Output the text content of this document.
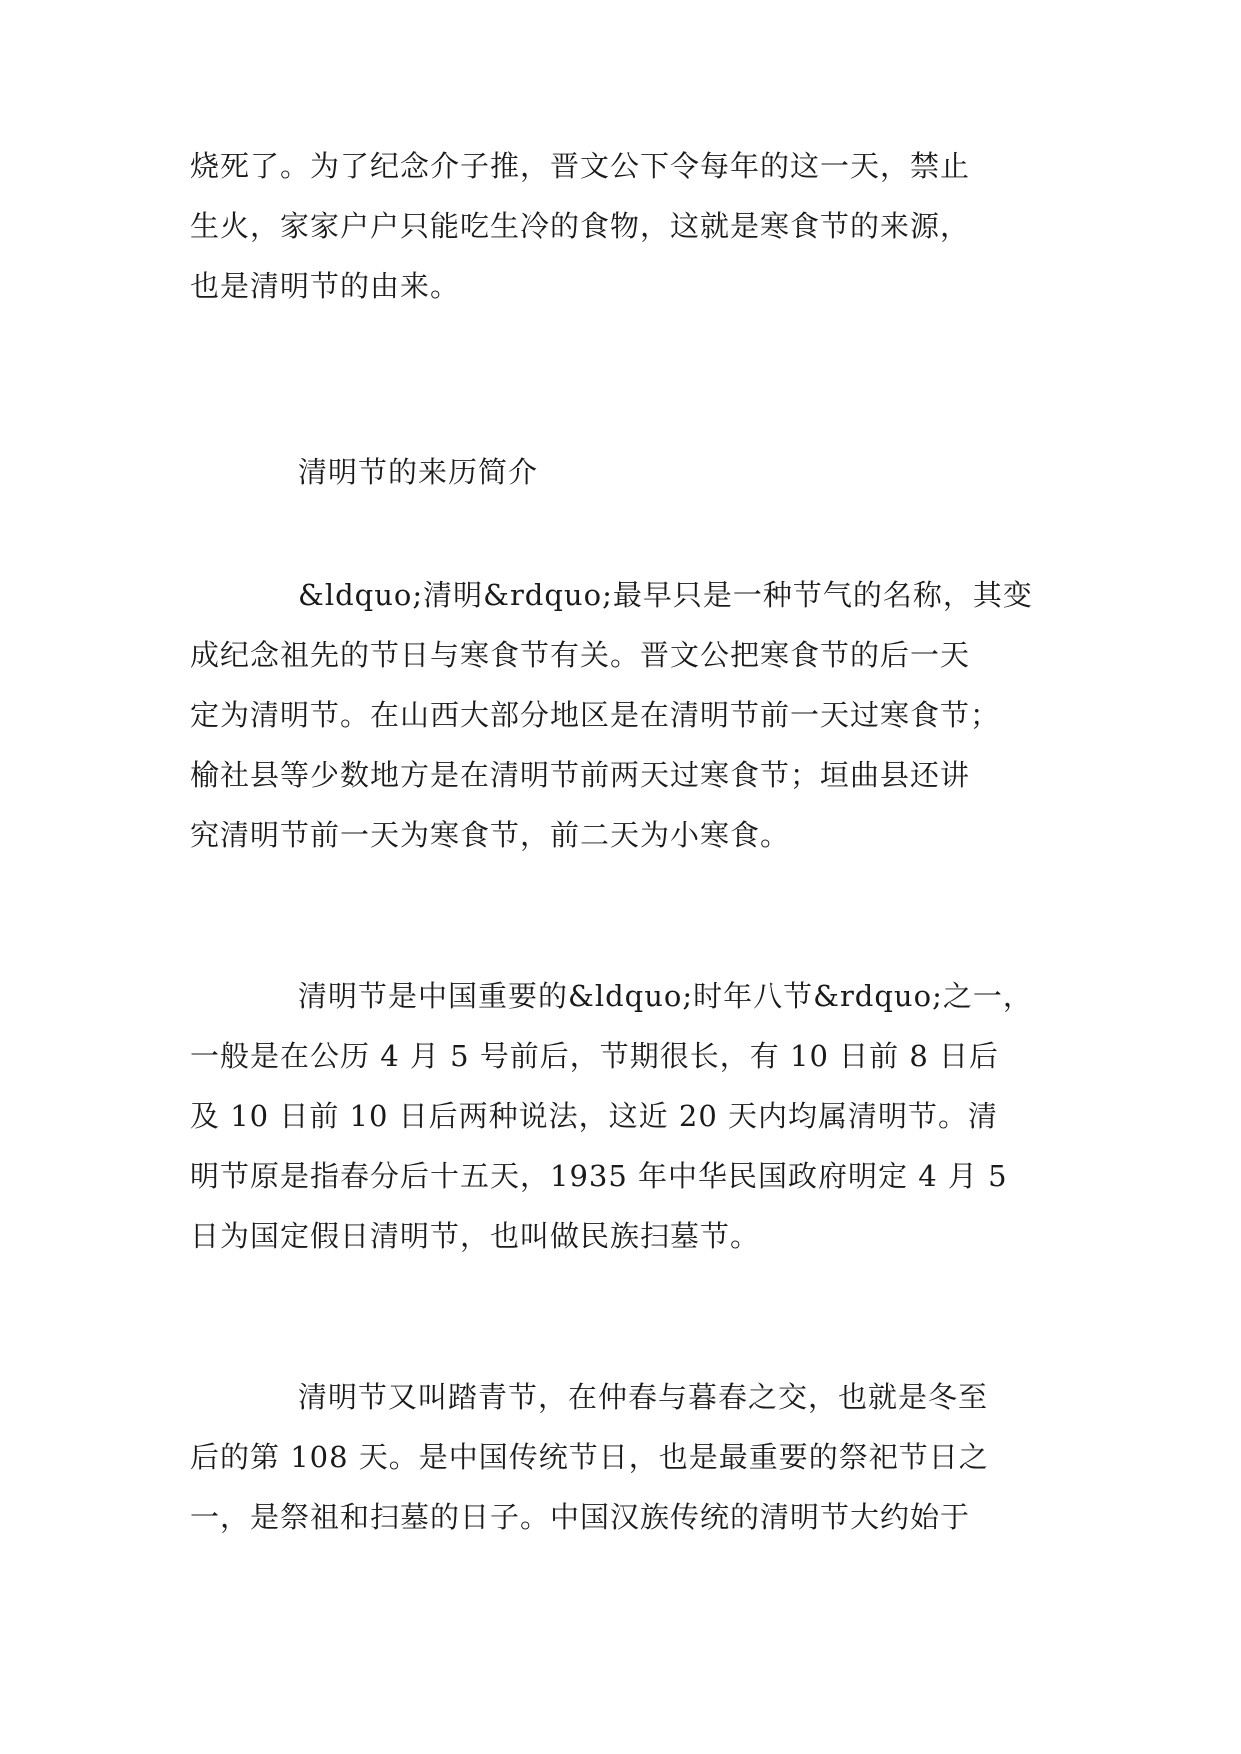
烧死了。为了纪念介子推，晋文公下令每年的这一天，禁止
生火，家家户户只能吃生冷的食物，这就是寒食节的来源，
也是清明节的由来。
清明节的来历简介
&ldquo;清明&rdquo;最早只是一种节气的名称，其变
成纪念祖先的节日与寒食节有关。晋文公把寒食节的后一天
定为清明节。在山西大部分地区是在清明节前一天过寒食节；
榆社县等少数地方是在清明节前两天过寒食节；垣曲县还讲
究清明节前一天为寒食节，前二天为小寒食。
清明节是中国重要的&ldquo;时年八节&rdquo;之一，
一般是在公历 4 月 5 号前后，节期很长，有 10 日前 8 日后
及 10 日前 10 日后两种说法，这近 20 天内均属清明节。清
明节原是指春分后十五天，1935 年中华民国政府明定 4 月 5
日为国定假日清明节，也叫做民族扫墓节。
清明节又叫踏青节，在仲春与暮春之交，也就是冬至
后的第 108 天。是中国传统节日，也是最重要的祭祀节日之
一，是祭祖和扫墓的日子。中国汉族传统的清明节大约始于
